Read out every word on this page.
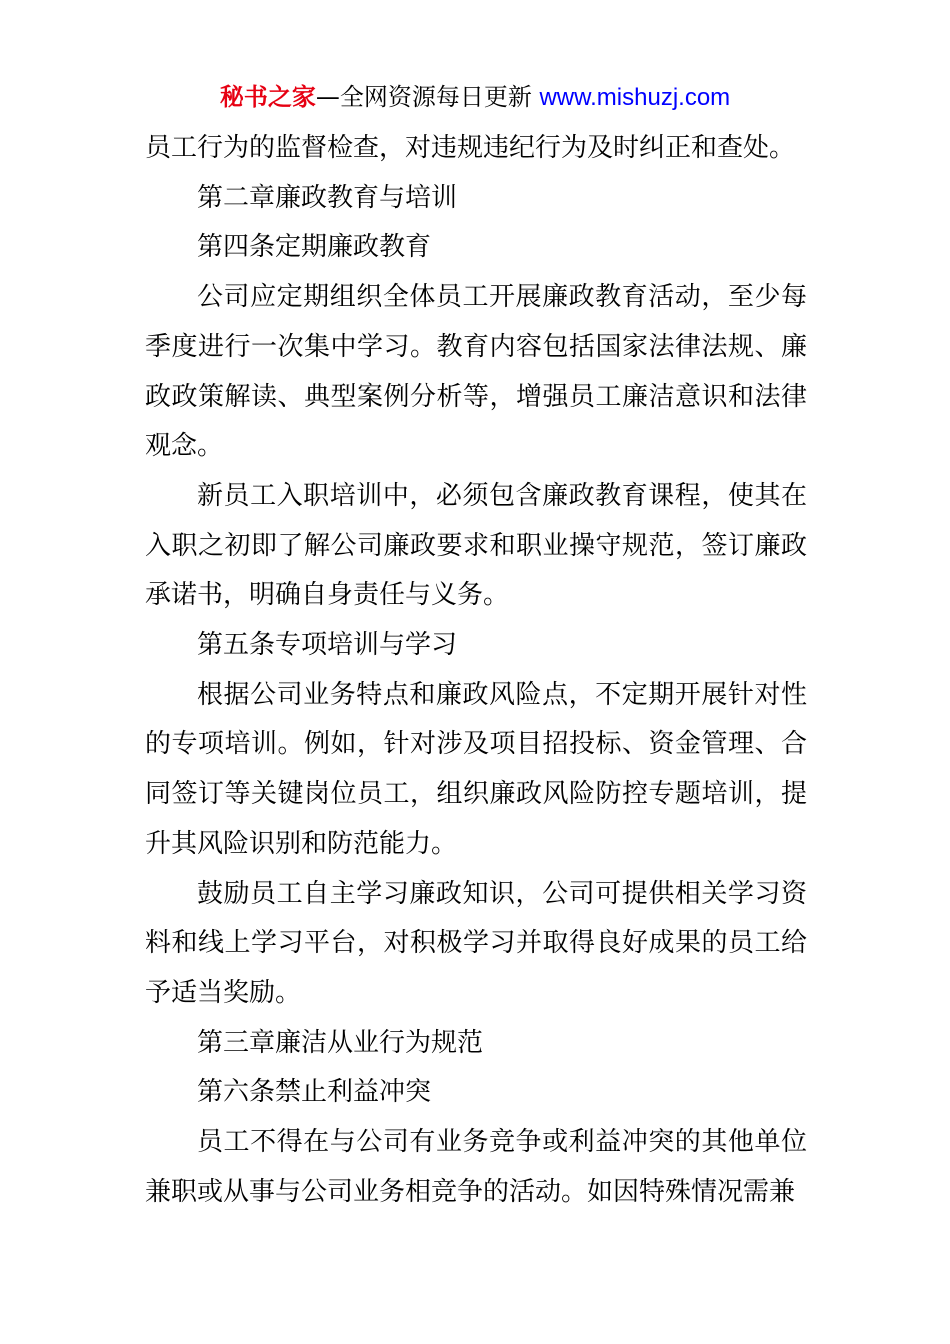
秘书之家—全网资源每日更新 www.mishuzj.com

员工行为的监督检查，对违规违纪行为及时纠正和查处。

第二章廉政教育与培训

第四条定期廉政教育

公司应定期组织全体员工开展廉政教育活动，至少每季度进行一次集中学习。教育内容包括国家法律法规、廉政政策解读、典型案例分析等，增强员工廉洁意识和法律观念。

新员工入职培训中，必须包含廉政教育课程，使其在入职之初即了解公司廉政要求和职业操守规范，签订廉政承诺书，明确自身责任与义务。

第五条专项培训与学习

根据公司业务特点和廉政风险点，不定期开展针对性的专项培训。例如，针对涉及项目招投标、资金管理、合同签订等关键岗位员工，组织廉政风险防控专题培训，提升其风险识别和防范能力。

鼓励员工自主学习廉政知识，公司可提供相关学习资料和线上学习平台，对积极学习并取得良好成果的员工给予适当奖励。

第三章廉洁从业行为规范

第六条禁止利益冲突

员工不得在与公司有业务竞争或利益冲突的其他单位兼职或从事与公司业务相竞争的活动。如因特殊情况需兼
